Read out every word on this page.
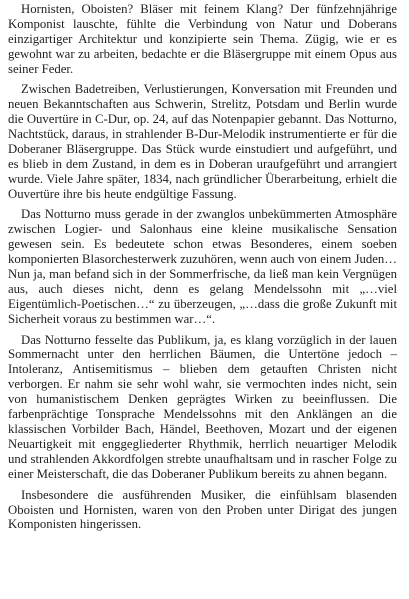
Hornisten, Oboisten? Bläser mit feinem Klang? Der fünfzehnjährige Komponist lauschte, fühlte die Verbindung von Natur und Doberans einzigartiger Architektur und konzipierte sein Thema. Zügig, wie er es gewohnt war zu arbeiten, bedachte er die Bläsergruppe mit einem Opus aus seiner Feder.

Zwischen Badetreiben, Verlustierungen, Konversation mit Freunden und neuen Bekanntschaften aus Schwerin, Strelitz, Potsdam und Berlin wurde die Ouvertüre in C-Dur, op. 24, auf das Notenpapier gebannt. Das Notturno, Nachtstück, daraus, in strahlender B-Dur-Melodik instrumentierte er für die Doberaner Bläsergruppe. Das Stück wurde einstudiert und aufgeführt, und es blieb in dem Zustand, in dem es in Doberan uraufgeführt und arrangiert wurde. Viele Jahre später, 1834, nach gründlicher Überarbeitung, erhielt die Ouvertüre ihre bis heute endgültige Fassung.

Das Notturno muss gerade in der zwanglos unbekümmerten Atmosphäre zwischen Logier- und Salonhaus eine kleine musikalische Sensation gewesen sein. Es bedeutete schon etwas Besonderes, einem soeben komponierten Blasorchesterwerk zuzuhören, wenn auch von einem Juden… Nun ja, man befand sich in der Sommerfrische, da ließ man kein Vergnügen aus, auch dieses nicht, denn es gelang Mendelssohn mit „…viel Eigentümlich-Poetischen…“ zu überzeugen, „…dass die große Zukunft mit Sicherheit voraus zu bestimmen war…“.

Das Notturno fesselte das Publikum, ja, es klang vorzüglich in der lauen Sommernacht unter den herrlichen Bäumen, die Untertöne jedoch – Intoleranz, Antisemitismus – blieben dem getauften Christen nicht verborgen. Er nahm sie sehr wohl wahr, sie vermochten indes nicht, sein von humanistischem Denken geprägtes Wirken zu beeinflussen. Die farbenprächtige Tonsprache Mendelssohns mit den Anklängen an die klassischen Vorbilder Bach, Händel, Beethoven, Mozart und der eigenen Neuartigkeit mit enggegliederter Rhythmik, herrlich neuartiger Melodik und strahlenden Akkordfolgen strebte unaufhaltsam und in rascher Folge zu einer Meisterschaft, die das Doberaner Publikum bereits zu ahnen begann.

Insbesondere die ausführenden Musiker, die einfühlsam blasenden Oboisten und Hornisten, waren von den Proben unter Dirigat des jungen Komponisten hingerissen.
